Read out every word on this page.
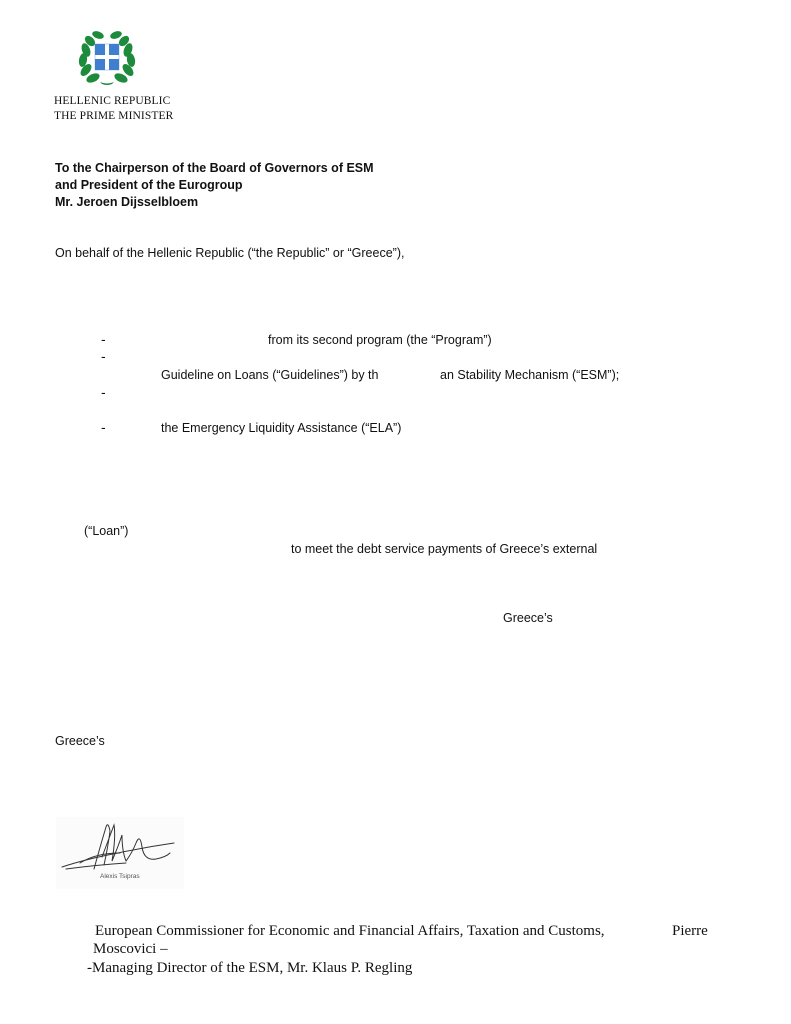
HELLENIC REPUBLIC
THE PRIME MINISTER
To the Chairperson of the Board of Governors of ESM
and President of the Eurogroup
Mr. Jeroen Dijsselbloem
On behalf of the Hellenic Republic (“the Republic” or “Greece”),
-	from its second program (the “Program”)
-
Guideline on Loans (“Guidelines”) by th	an Stability Mechanism (“ESM”);
-
-	the Emergency Liquidity Assistance (“ELA”)
(“Loan”)
to meet the debt service payments of Greece’s external
Greece’s
Greece’s
Alexis Tsipras
European Commissioner for Economic and Financial Affairs, Taxation and Customs,	Pierre
Moscovici –
-Managing Director of the ESM, Mr. Klaus P. Regling
